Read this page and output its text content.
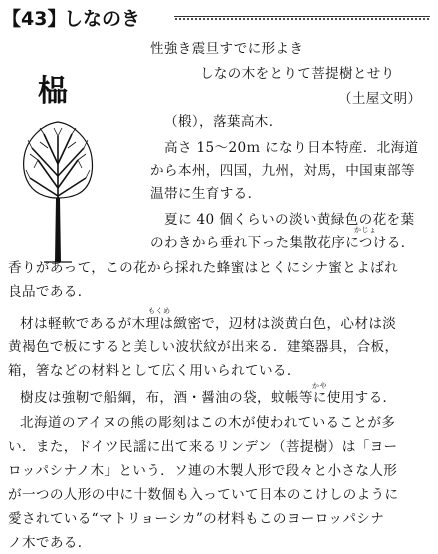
【43】
しなのき
性強き震旦すでに形よき
しなの木をとりて菩提樹とせり
（土屋文明）
榀
（椴），落葉高木．
高さ 15〜20ｍ になり日本特産．北海道
から本州，四国，九州，対馬，中国東部等
温帯に生育する．
夏に 40 個くらいの淡い黄緑色の花を葉
かじょ
のわきから垂れ下った集散花序につける．
香りがあって，この花から採れた蜂蜜はとくにシナ蜜とよばれ
良品である．
もくめ
材は軽軟であるが木理は緻密で，辺材は淡黄白色，心材は淡
黄褐色で板にすると美しい波状紋が出来る．建築器具，合板，
箱，箸などの材料として広く用いられている．
かや
樹皮は強靭で船綱，布，酒・醤油の袋，蚊帳等に使用する．
北海道のアイヌの熊の彫刻はこの木が使われていることが多
い．また，ドイツ民謡に出て来るリンデン（菩提樹）は「ヨー
ロッパシナノ木」という．ソ連の木製人形で段々と小さな人形
が一つの人形の中に十数個も入っていて日本のこけしのように
愛されている“マトリョーシカ”の材料もこのヨーロッパシナ
ノ木である．
